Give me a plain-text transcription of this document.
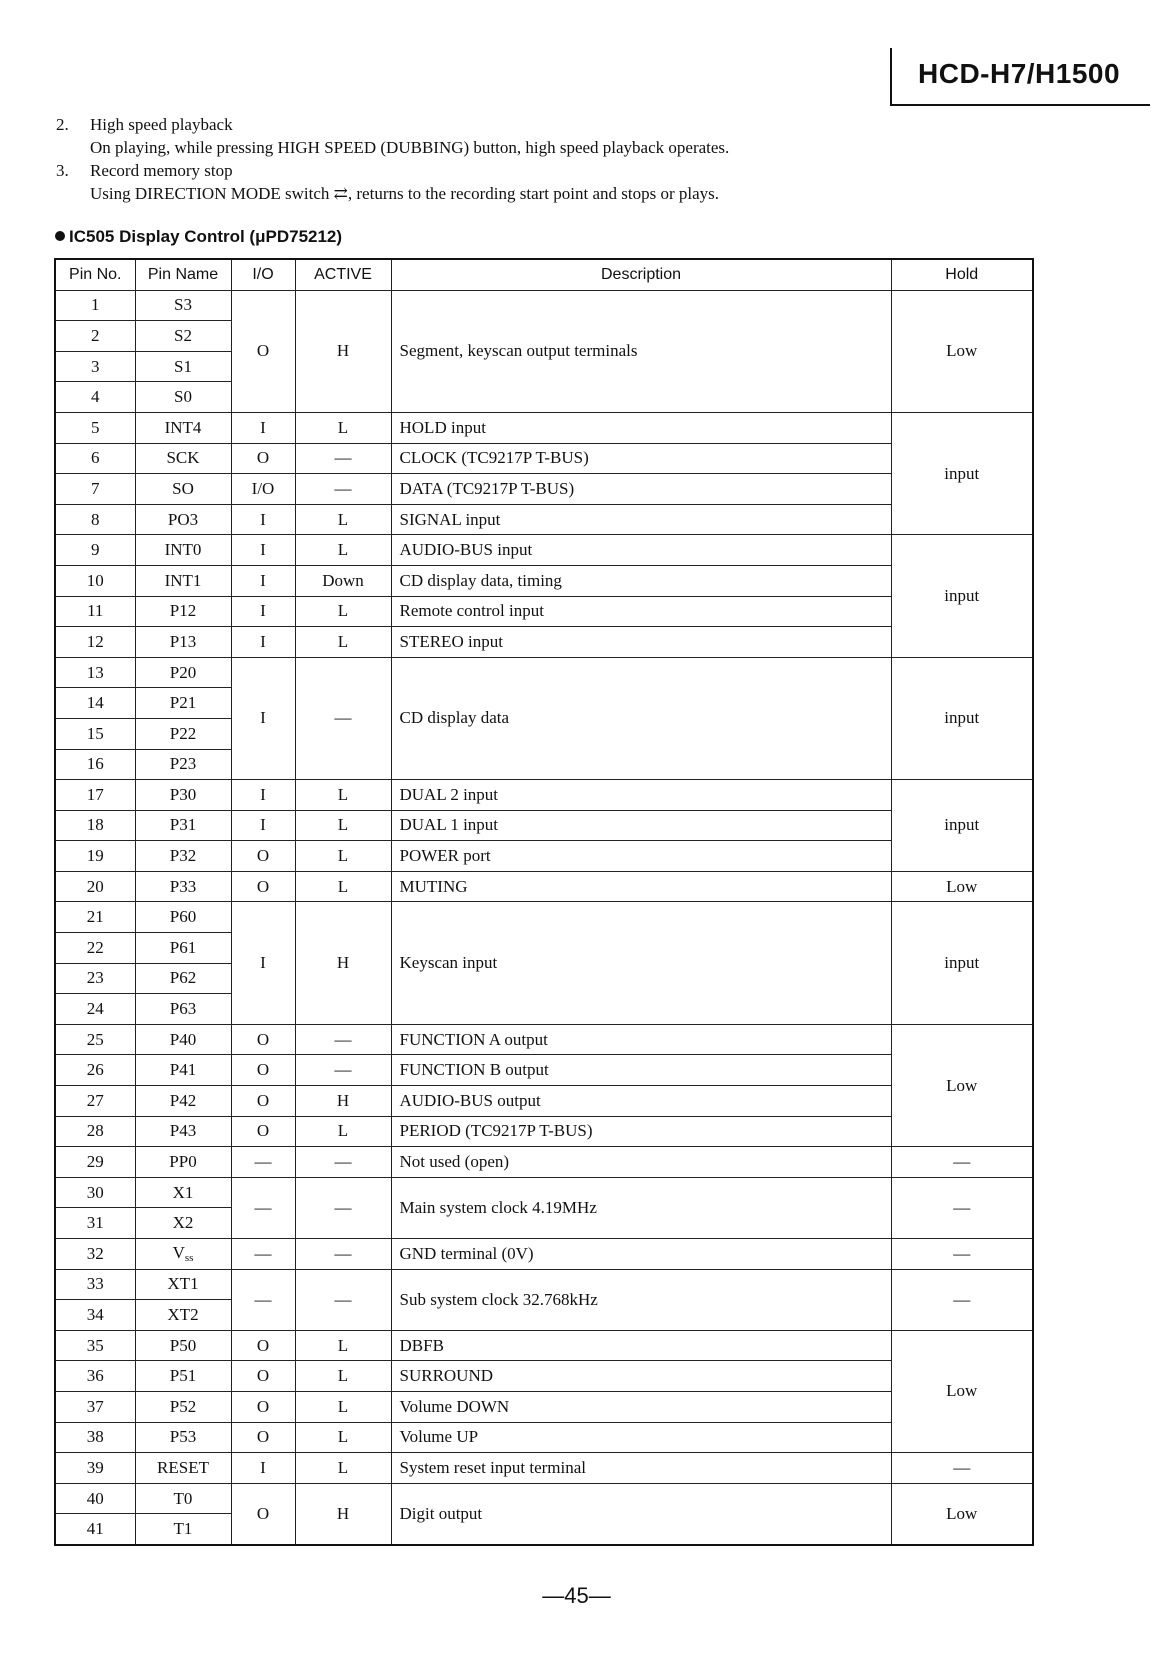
HCD-H7/H1500
2. High speed playback
On playing, while pressing HIGH SPEED (DUBBING) button, high speed playback operates.
3. Record memory stop
Using DIRECTION MODE switch ⇄, returns to the recording start point and stops or plays.
IC505 Display Control (μPD75212)
Pin No.	Pin Name	I/O	ACTIVE	Description	Hold
1	S3	O	H	Segment, keyscan output terminals	Low
2	S2				
3	S1				
4	S0				
5	INT4	I	L	HOLD input	input
6	SCK	O	—	CLOCK (TC9217P T-BUS)	
7	SO	I/O	—	DATA (TC9217P T-BUS)	
8	PO3	I	L	SIGNAL input	
9	INT0	I	L	AUDIO-BUS input	input
10	INT1	I	Down	CD display data, timing	
11	P12	I	L	Remote control input	
12	P13	I	L	STEREO input	
13	P20	I	—	CD display data	input
14	P21				
15	P22				
16	P23				
17	P30	I	L	DUAL 2 input	input
18	P31	I	L	DUAL 1 input	
19	P32	O	L	POWER port	
20	P33	O	L	MUTING	Low
21	P60	I	H	Keyscan input	input
22	P61				
23	P62				
24	P63				
25	P40	O	—	FUNCTION A output	Low
26	P41	O	—	FUNCTION B output	
27	P42	O	H	AUDIO-BUS output	
28	P43	O	L	PERIOD (TC9217P T-BUS)	
29	PP0	—	—	Not used (open)	—
30	X1	—	—	Main system clock 4.19MHz	—
31	X2				
32	$V_{ss}$	—	—	GND terminal (0V)	—
33	XT1	—	—	Sub system clock 32.768kHz	—
34	XT2				
35	P50	O	L	DBFB	Low
36	P51	O	L	SURROUND	
37	P52	O	L	Volume DOWN	
38	P53	O	L	Volume UP	
39	RESET	I	L	System reset input terminal	—
40	T0	O	H	Digit output	Low
41	T1				
—45—
